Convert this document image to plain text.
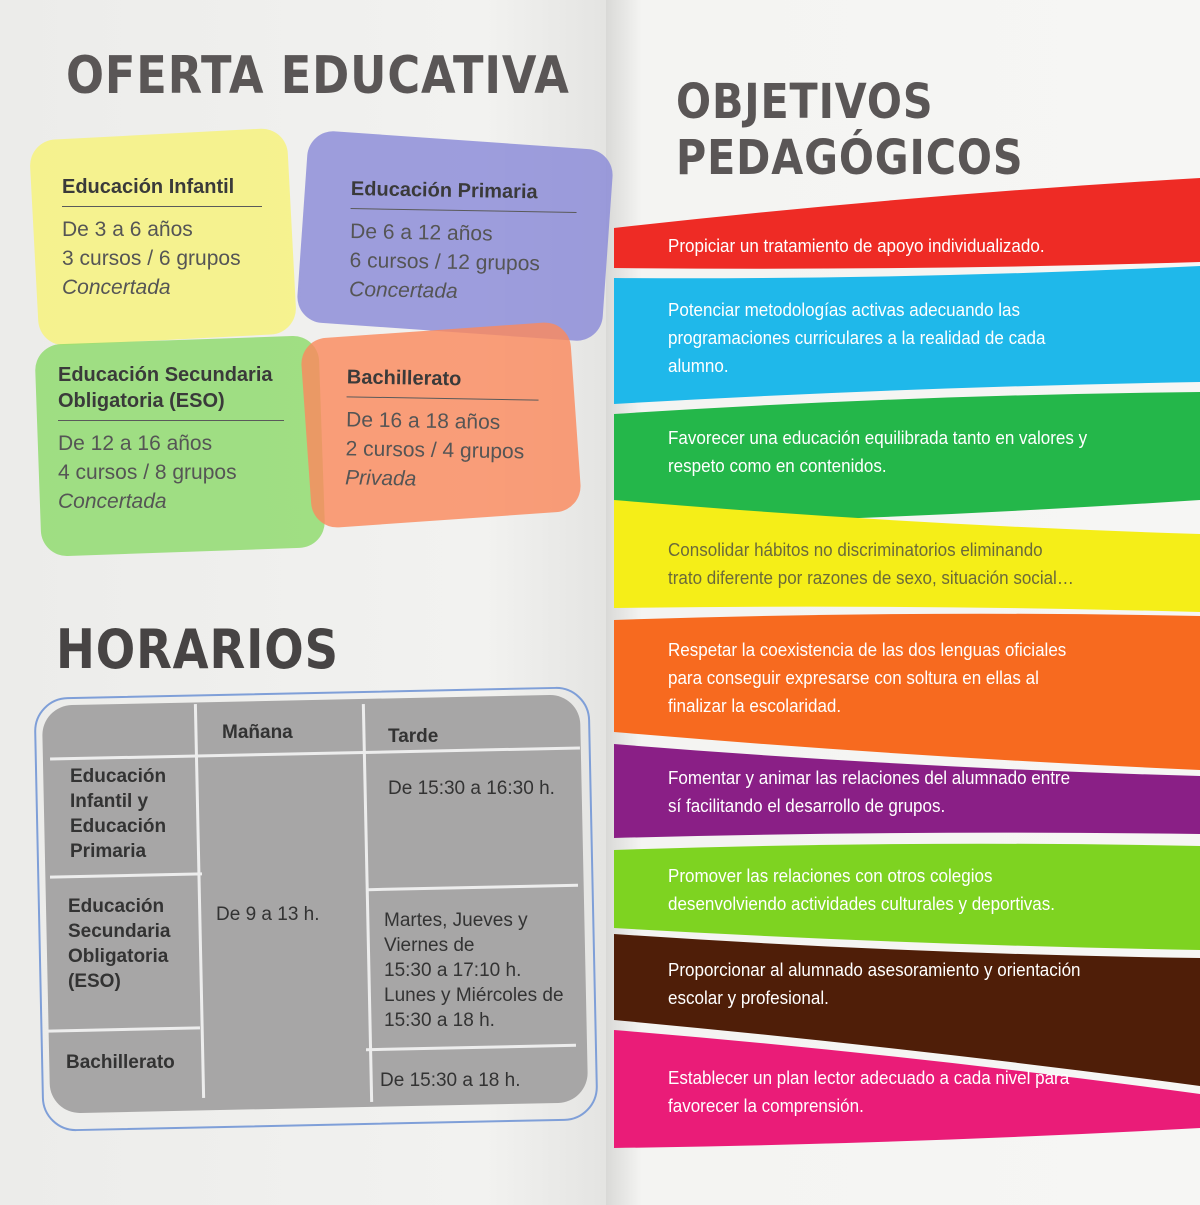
OFERTA EDUCATIVA
Educación Infantil
De 3 a 6 años
3 cursos / 6 grupos
Concertada
Educación Primaria
De 6 a 12 años
6 cursos / 12 grupos
Concertada
Educación Secundaria
Obligatoria (ESO)
De 12 a 16 años
4 cursos / 8 grupos
Concertada
Bachillerato
De 16 a 18 años
2 cursos / 4 grupos
Privada
HORARIOS
Mañana	Tarde
Educación
Infantil y
Educación
Primaria
Educación
Secundaria
Obligatoria
(ESO)
Bachillerato
De 9 a 13 h.
De 15:30 a 16:30 h.
Martes, Jueves y
Viernes de
15:30 a 17:10 h.
Lunes y Miércoles de
15:30 a 18 h.
De 15:30 a 18 h.
OBJETIVOS
PEDAGÓGICOS
Propiciar un tratamiento de apoyo individualizado.
Potenciar metodologías activas adecuando las
programaciones curriculares a la realidad de cada
alumno.
Favorecer una educación equilibrada tanto en valores y
respeto como en contenidos.
Consolidar hábitos no discriminatorios eliminando
trato diferente por razones de sexo, situación social…
Respetar la coexistencia de las dos lenguas oficiales
para conseguir expresarse con soltura en ellas al
finalizar la escolaridad.
Fomentar y animar las relaciones del alumnado entre
sí facilitando el desarrollo de grupos.
Promover las relaciones con otros colegios
desenvolviendo actividades culturales y deportivas.
Proporcionar al alumnado asesoramiento y orientación
escolar y profesional.
Establecer un plan lector adecuado a cada nivel para
favorecer la comprensión.
